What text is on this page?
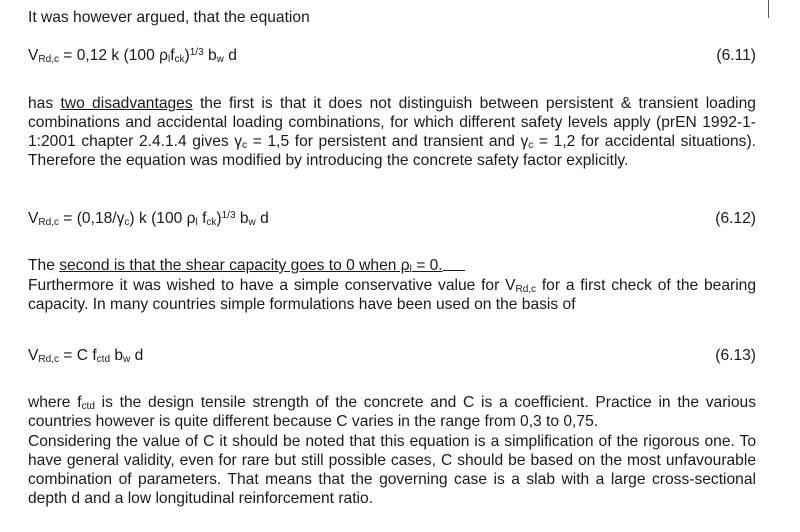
It was however argued, that the equation
$V_{Rd,c} = 0,12$ k (100 $\rho_lf_{ck})^{1/3}$ $b_w$ d	(6.11)
has two disadvantages the first is that it does not distinguish between persistent & transient loading combinations and accidental loading combinations, for which different safety levels apply (prEN 1992-1-1:2001 chapter 2.4.1.4 gives $\gamma_c = 1,5$ for persistent and transient and $\gamma_c = 1,2$ for accidental situations). Therefore the equation was modified by introducing the concrete safety factor explicitly.
$V_{Rd,c} = (0,18/\gamma_c)$ k (100 $\rho_l$ $f_{ck})^{1/3}$ $b_w$ d	(6.12)
The second is that the shear capacity goes to 0 when $\rho_l = 0$.
Furthermore it was wished to have a simple conservative value for $V_{Rd,c}$ for a first check of the bearing capacity. In many countries simple formulations have been used on the basis of
$V_{Rd,c} = C$ $f_{ctd}$ $b_w$ d	(6.13)
where $f_{ctd}$ is the design tensile strength of the concrete and C is a coefficient. Practice in the various countries however is quite different because C varies in the range from 0,3 to 0,75.
Considering the value of C it should be noted that this equation is a simplification of the rigorous one. To have general validity, even for rare but still possible cases, C should be based on the most unfavourable combination of parameters. That means that the governing case is a slab with a large cross-sectional depth d and a low longitudinal reinforcement ratio.
